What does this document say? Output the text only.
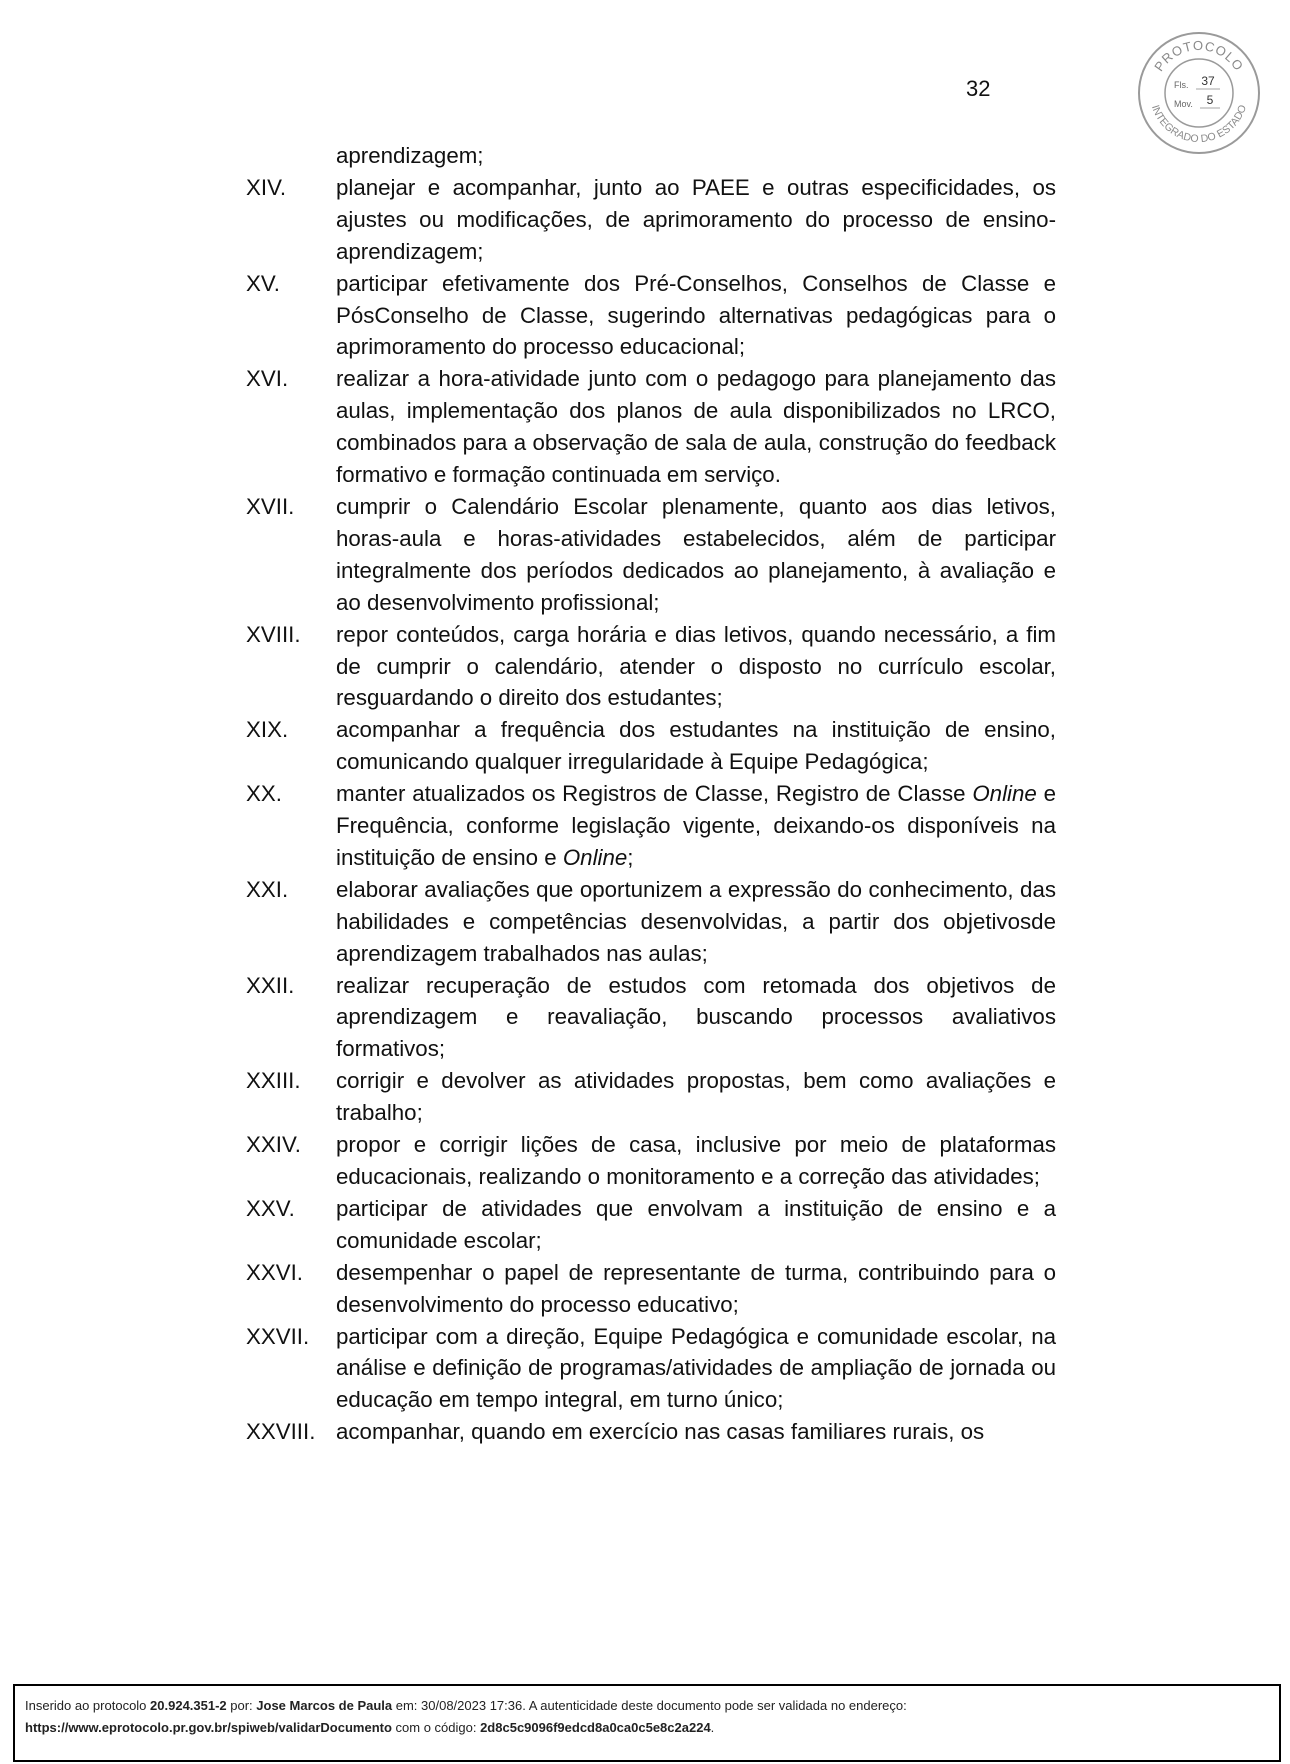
32
PROTOCOLO
INTEGRADO DO ESTADO
Fls. 37
Mov. 5
aprendizagem;
XIV.	planejar e acompanhar, junto ao PAEE e outras especificidades, os ajustes ou modificações, de aprimoramento do processo de ensino- aprendizagem;
XV.	participar efetivamente dos Pré-Conselhos, Conselhos de Classe e PósConselho de Classe, sugerindo alternativas pedagógicas para o aprimoramento do processo educacional;
XVI.	realizar a hora-atividade junto com o pedagogo para planejamento das aulas, implementação dos planos de aula disponibilizados no LRCO, combinados para a observação de sala de aula, construção do feedback formativo e formação continuada em serviço.
XVII.	cumprir o Calendário Escolar plenamente, quanto aos dias letivos, horas-aula e horas-atividades estabelecidos, além de participar integralmente dos períodos dedicados ao planejamento, à avaliação e ao desenvolvimento profissional;
XVIII.	repor conteúdos, carga horária e dias letivos, quando necessário, a fim de cumprir o calendário, atender o disposto no currículo escolar, resguardando o direito dos estudantes;
XIX.	acompanhar a frequência dos estudantes na instituição de ensino, comunicando qualquer irregularidade à Equipe Pedagógica;
XX.	manter atualizados os Registros de Classe, Registro de Classe Online e Frequência, conforme legislação vigente, deixando-os disponíveis na instituição de ensino e Online;
XXI.	elaborar avaliações que oportunizem a expressão do conhecimento, das habilidades e competências desenvolvidas, a partir dos objetivosde aprendizagem trabalhados nas aulas;
XXII.	realizar recuperação de estudos com retomada dos objetivos de aprendizagem e reavaliação, buscando processos avaliativos formativos;
XXIII.	corrigir e devolver as atividades propostas, bem como avaliações e trabalho;
XXIV.	propor e corrigir lições de casa, inclusive por meio de plataformas educacionais, realizando o monitoramento e a correção das atividades;
XXV.	participar de atividades que envolvam a instituição de ensino e a comunidade escolar;
XXVI.	desempenhar o papel de representante de turma, contribuindo para o desenvolvimento do processo educativo;
XXVII.	participar com a direção, Equipe Pedagógica e comunidade escolar, na análise e definição de programas/atividades de ampliação de jornada ou educação em tempo integral, em turno único;
XXVIII. acompanhar, quando em exercício nas casas familiares rurais, os
Inserido ao protocolo 20.924.351-2 por: Jose Marcos de Paula em: 30/08/2023 17:36. A autenticidade deste documento pode ser validada no endereço:
https://www.eprotocolo.pr.gov.br/spiweb/validarDocumento com o código: 2d8c5c9096f9edcd8a0ca0c5e8c2a224.
